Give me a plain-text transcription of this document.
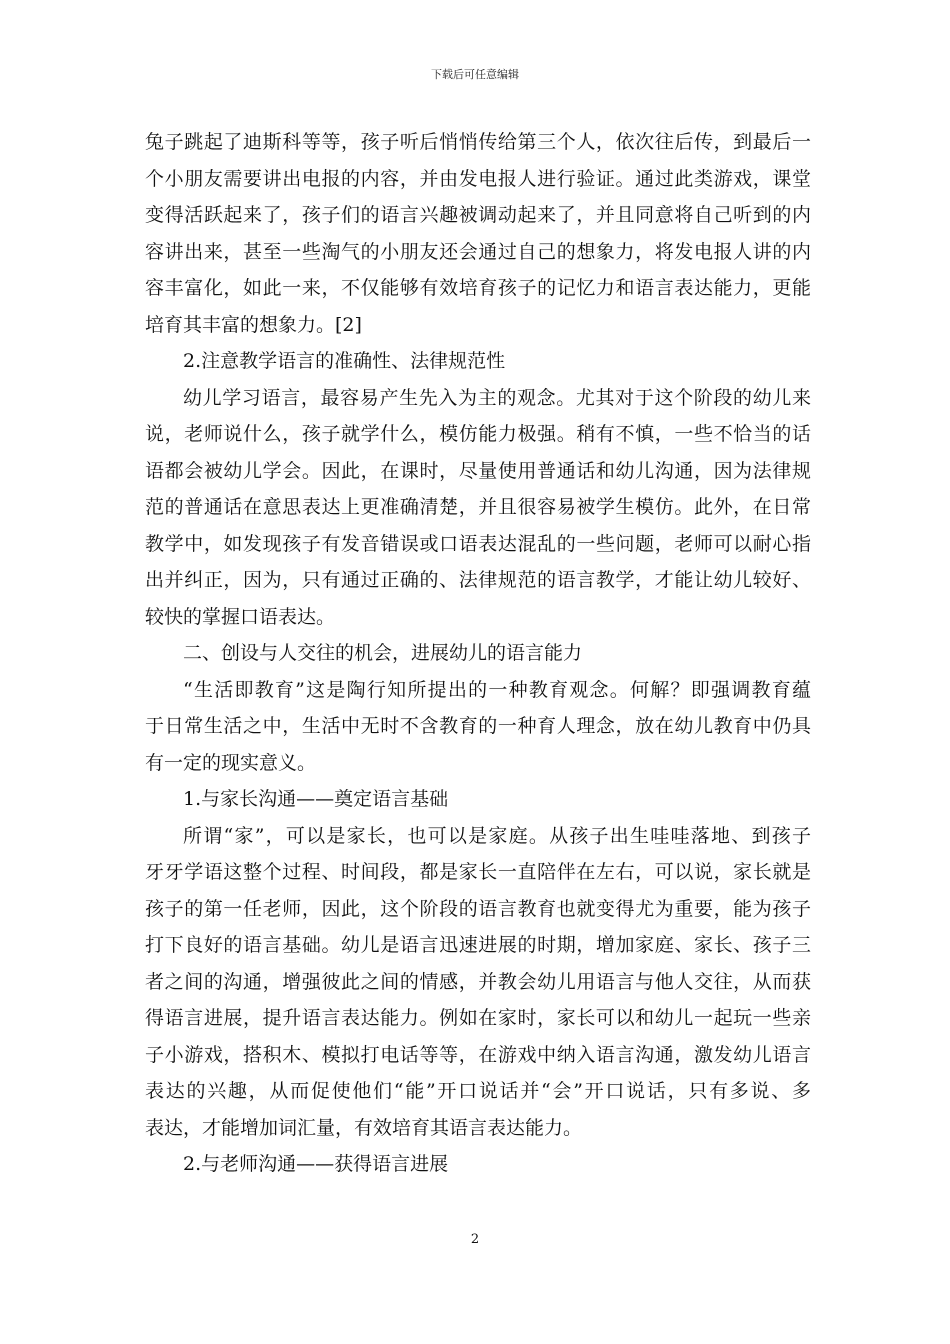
下载后可任意编辑
兔子跳起了迪斯科等等，孩子听后悄悄传给第三个人，依次往后传，到最后一
个小朋友需要讲出电报的内容，并由发电报人进行验证。通过此类游戏，课堂
变得活跃起来了，孩子们的语言兴趣被调动起来了，并且同意将自己听到的内
容讲出来，甚至一些淘气的小朋友还会通过自己的想象力，将发电报人讲的内
容丰富化，如此一来，不仅能够有效培育孩子的记忆力和语言表达能力，更能
培育其丰富的想象力。[2]
2.注意教学语言的准确性、法律规范性
幼儿学习语言，最容易产生先入为主的观念。尤其对于这个阶段的幼儿来
说，老师说什么，孩子就学什么，模仿能力极强。稍有不慎，一些不恰当的话
语都会被幼儿学会。因此，在课时，尽量使用普通话和幼儿沟通，因为法律规
范的普通话在意思表达上更准确清楚，并且很容易被学生模仿。此外，在日常
教学中，如发现孩子有发音错误或口语表达混乱的一些问题，老师可以耐心指
出并纠正，因为，只有通过正确的、法律规范的语言教学，才能让幼儿较好、
较快的掌握口语表达。
二、创设与人交往的机会，进展幼儿的语言能力
“生活即教育”这是陶行知所提出的一种教育观念。何解？即强调教育蕴
于日常生活之中，生活中无时不含教育的一种育人理念，放在幼儿教育中仍具
有一定的现实意义。
1.与家长沟通——奠定语言基础
所谓“家”，可以是家长，也可以是家庭。从孩子出生哇哇落地、到孩子
牙牙学语这整个过程、时间段，都是家长一直陪伴在左右，可以说，家长就是
孩子的第一任老师，因此，这个阶段的语言教育也就变得尤为重要，能为孩子
打下良好的语言基础。幼儿是语言迅速进展的时期，增加家庭、家长、孩子三
者之间的沟通，增强彼此之间的情感，并教会幼儿用语言与他人交往，从而获
得语言进展，提升语言表达能力。例如在家时，家长可以和幼儿一起玩一些亲
子小游戏，搭积木、模拟打电话等等，在游戏中纳入语言沟通，激发幼儿语言
表达的兴趣，从而促使他们“能”开口说话并“会”开口说话，只有多说、多
表达，才能增加词汇量，有效培育其语言表达能力。
2.与老师沟通——获得语言进展
2
